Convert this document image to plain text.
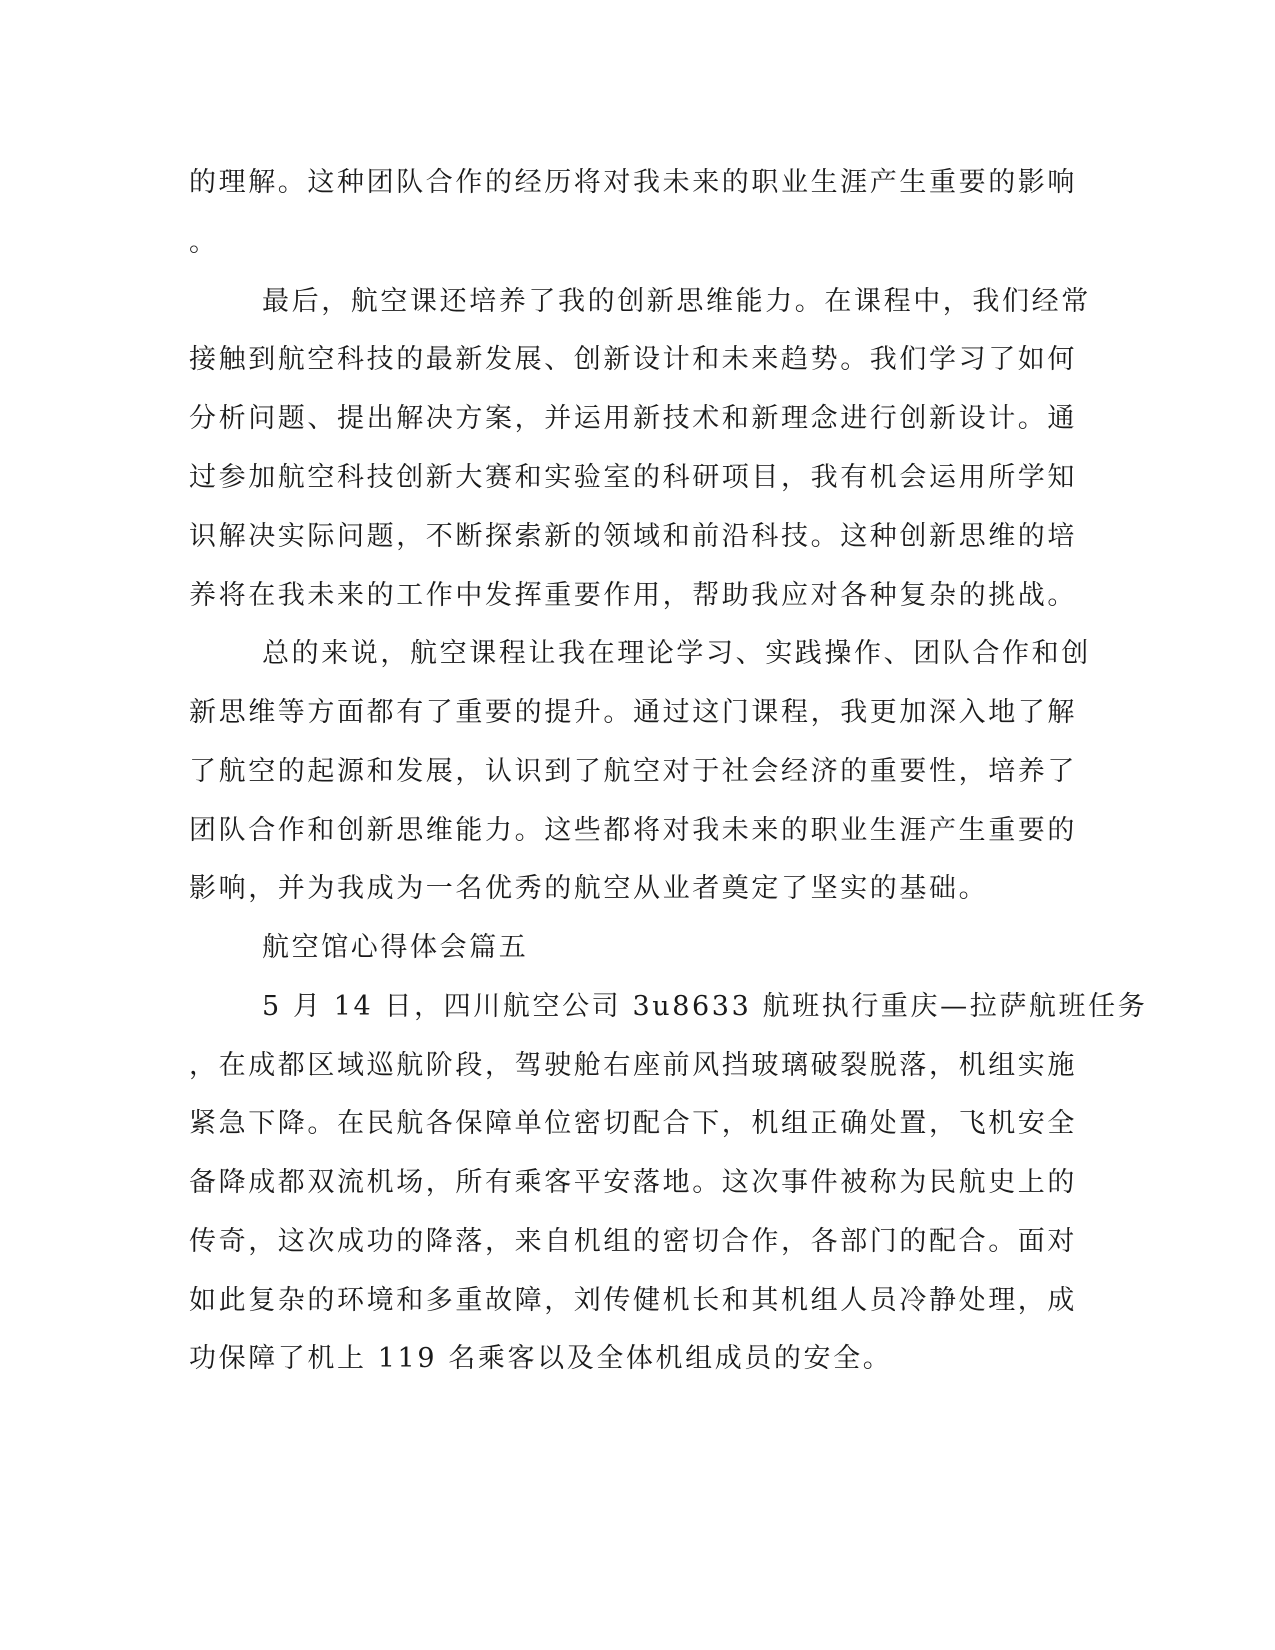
的理解。这种团队合作的经历将对我未来的职业生涯产生重要的影响

。

最后，航空课还培养了我的创新思维能力。在课程中，我们经常

接触到航空科技的最新发展、创新设计和未来趋势。我们学习了如何

分析问题、提出解决方案，并运用新技术和新理念进行创新设计。通

过参加航空科技创新大赛和实验室的科研项目，我有机会运用所学知

识解决实际问题，不断探索新的领域和前沿科技。这种创新思维的培

养将在我未来的工作中发挥重要作用，帮助我应对各种复杂的挑战。

总的来说，航空课程让我在理论学习、实践操作、团队合作和创

新思维等方面都有了重要的提升。通过这门课程，我更加深入地了解

了航空的起源和发展，认识到了航空对于社会经济的重要性，培养了

团队合作和创新思维能力。这些都将对我未来的职业生涯产生重要的

影响，并为我成为一名优秀的航空从业者奠定了坚实的基础。

航空馆心得体会篇五

5 月 14 日，四川航空公司 3u8633 航班执行重庆—拉萨航班任务

，在成都区域巡航阶段，驾驶舱右座前风挡玻璃破裂脱落，机组实施

紧急下降。在民航各保障单位密切配合下，机组正确处置，飞机安全

备降成都双流机场，所有乘客平安落地。这次事件被称为民航史上的

传奇，这次成功的降落，来自机组的密切合作，各部门的配合。面对

如此复杂的环境和多重故障，刘传健机长和其机组人员冷静处理，成

功保障了机上 119 名乘客以及全体机组成员的安全。
